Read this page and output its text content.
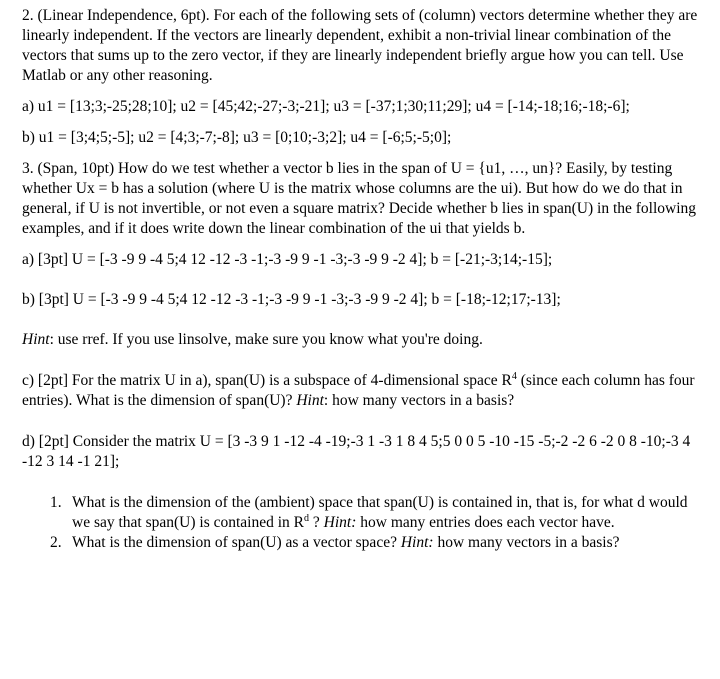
2. (Linear Independence, 6pt). For each of the following sets of (column) vectors determine whether they are linearly independent. If the vectors are linearly dependent, exhibit a non-trivial linear combination of the vectors that sums up to the zero vector, if they are linearly independent briefly argue how you can tell. Use Matlab or any other reasoning.

a) u1 = [13;3;-25;28;10]; u2 = [45;42;-27;-3;-21]; u3 = [-37;1;30;11;29]; u4 = [-14;-18;16;-18;-6];

b) u1 = [3;4;5;-5]; u2 = [4;3;-7;-8]; u3 = [0;10;-3;2]; u4 = [-6;5;-5;0];

3. (Span, 10pt) How do we test whether a vector b lies in the span of U = {u1, …, un}? Easily, by testing whether Ux = b has a solution (where U is the matrix whose columns are the ui). But how do we do that in general, if U is not invertible, or not even a square matrix? Decide whether b lies in span(U) in the following examples, and if it does write down the linear combination of the ui that yields b.

a) [3pt] U = [-3 -9 9 -4 5;4 12 -12 -3 -1;-3 -9 9 -1 -3;-3 -9 9 -2 4]; b = [-21;-3;14;-15];

b) [3pt] U = [-3 -9 9 -4 5;4 12 -12 -3 -1;-3 -9 9 -1 -3;-3 -9 9 -2 4]; b = [-18;-12;17;-13];

Hint: use rref. If you use linsolve, make sure you know what you're doing.

c) [2pt] For the matrix U in a), span(U) is a subspace of 4-dimensional space $R^4$ (since each column has four entries). What is the dimension of span(U)? Hint: how many vectors in a basis?

d) [2pt] Consider the matrix U = [3 -3 9 1 -12 -4 -19;-3 1 -3 1 8 4 5;5 0 0 5 -10 -15 -5;-2 -2 6 -2 0 8 -10;-3 4 -12 3 14 -1 21];

1. What is the dimension of the (ambient) space that span(U) is contained in, that is, for what d would we say that span(U) is contained in $R^d$ ? Hint: how many entries does each vector have.
2. What is the dimension of span(U) as a vector space? Hint: how many vectors in a basis?
